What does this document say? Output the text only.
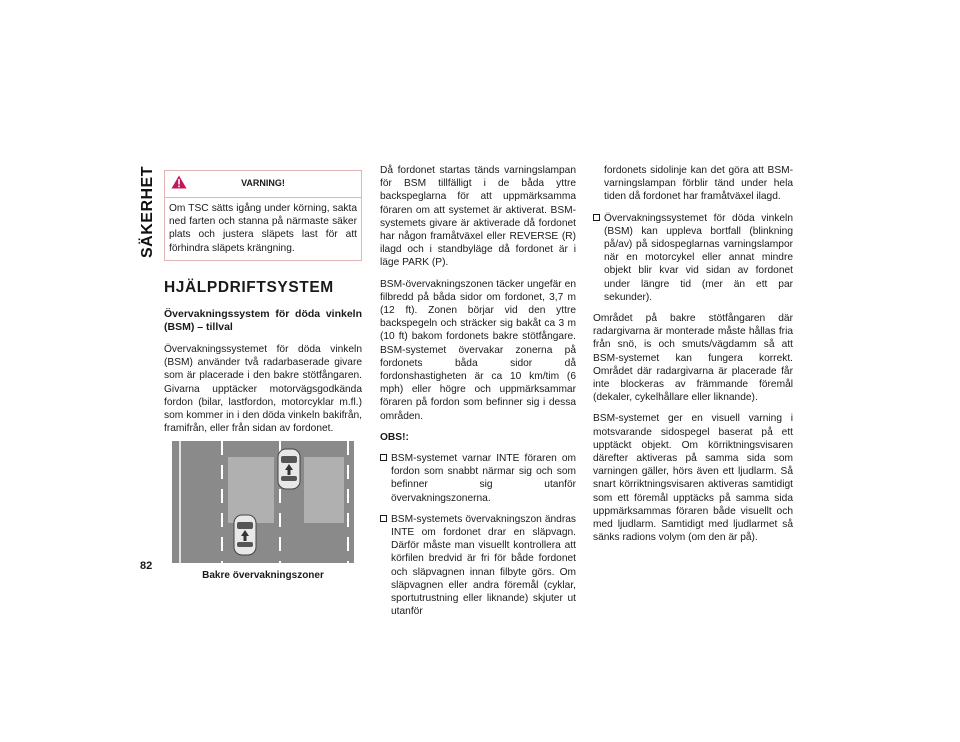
SÄKERHET
82
VARNING!
Om TSC sätts igång under körning, sakta ned farten och stanna på närmaste säker plats och justera släpets last för att förhindra släpets krängning.
HJÄLPDRIFTSYSTEM
Övervakningssystem för döda vinkeln (BSM) – tillval

Övervakningssystemet för döda vinkeln (BSM) använder två radarbaserade givare som är placerade i den bakre stötfångaren. Givarna upptäcker motorvägsgodkända fordon (bilar, lastfordon, motorcyklar m.fl.) som kommer in i den döda vinkeln bakifrån, framifrån, eller från sidan av fordonet.

Bakre övervakningszoner

Då fordonet startas tänds varningslampan för BSM tillfälligt i de båda yttre backspeglarna för att uppmärksamma föraren om att systemet är aktiverat. BSM-systemets givare är aktiverade då fordonet har någon framåtväxel eller REVERSE (R) ilagd och i standbyläge då fordonet är i läge PARK (P).

BSM-övervakningszonen täcker ungefär en filbredd på båda sidor om fordonet, 3,7 m (12 ft). Zonen börjar vid den yttre backspegeln och sträcker sig bakåt ca 3 m (10 ft) bakom fordonets bakre stötfångare. BSM-systemet övervakar zonerna på fordonets båda sidor då fordonshastigheten är ca 10 km/tim (6 mph) eller högre och uppmärksammar föraren på fordon som befinner sig i dessa områden.

OBS!:

BSM-systemet varnar INTE föraren om fordon som snabbt närmar sig och som befinner sig utanför övervakningszonerna.
BSM-systemets övervakningszon ändras INTE om fordonet drar en släpvagn. Därför måste man visuellt kontrollera att körfilen bredvid är fri för både fordonet och släpvagnen innan filbyte görs. Om släpvagnen eller andra föremål (cyklar, sportutrustning eller liknande) skjuter ut utanför

fordonets sidolinje kan det göra att BSM-varningslampan förblir tänd under hela tiden då fordonet har framåtväxel ilagd.

Övervakningssystemet för döda vinkeln (BSM) kan uppleva bortfall (blinkning på/av) på sidospeglarnas varningslampor när en motorcykel eller annat mindre objekt blir kvar vid sidan av fordonet under längre tid (mer än ett par sekunder).

Området på bakre stötfångaren där radargivarna är monterade måste hållas fria från snö, is och smuts/vägdamm så att BSM-systemet kan fungera korrekt. Området där radargivarna är placerade får inte blockeras av främmande föremål (dekaler, cykelhållare eller liknande).

BSM-systemet ger en visuell varning i motsvarande sidospegel baserat på ett upptäckt objekt. Om körriktningsvisaren därefter aktiveras på samma sida som varningen gäller, hörs även ett ljudlarm. Så snart körriktningsvisaren aktiveras samtidigt som ett föremål upptäcks på samma sida uppmärksammas föraren både visuellt och med ljudlarm. Samtidigt med ljudlarmet så sänks radions volym (om den är på).
